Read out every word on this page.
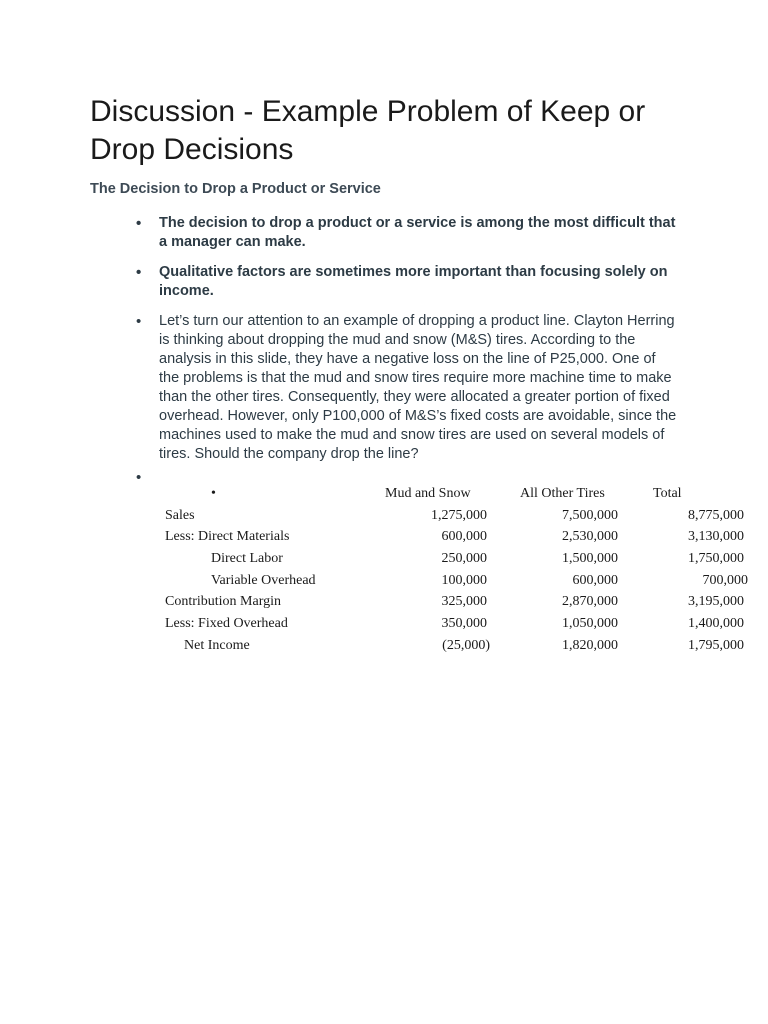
Discussion - Example Problem of Keep or Drop Decisions
The Decision to Drop a Product or Service
• The decision to drop a product or a service is among the most difficult that a manager can make.
• Qualitative factors are sometimes more important than focusing solely on income.
• Let’s turn our attention to an example of dropping a product line. Clayton Herring is thinking about dropping the mud and snow (M&S) tires. According to the analysis in this slide, they have a negative loss on the line of P25,000. One of the problems is that the mud and snow tires require more machine time to make than the other tires. Consequently, they were allocated a greater portion of fixed overhead. However, only P100,000 of M&S’s fixed costs are avoidable, since the machines used to make the mud and snow tires are used on several models of tires. Should the company drop the line?
•
•	Mud and Snow	All Other Tires	Total
Sales	1,275,000	7,500,000	8,775,000
Less: Direct Materials	600,000	2,530,000	3,130,000
Direct Labor	250,000	1,500,000	1,750,000
Variable Overhead	100,000	600,000	700,000
Contribution Margin	325,000	2,870,000	3,195,000
Less: Fixed Overhead	350,000	1,050,000	1,400,000
Net Income	(25,000)	1,820,000	1,795,000
